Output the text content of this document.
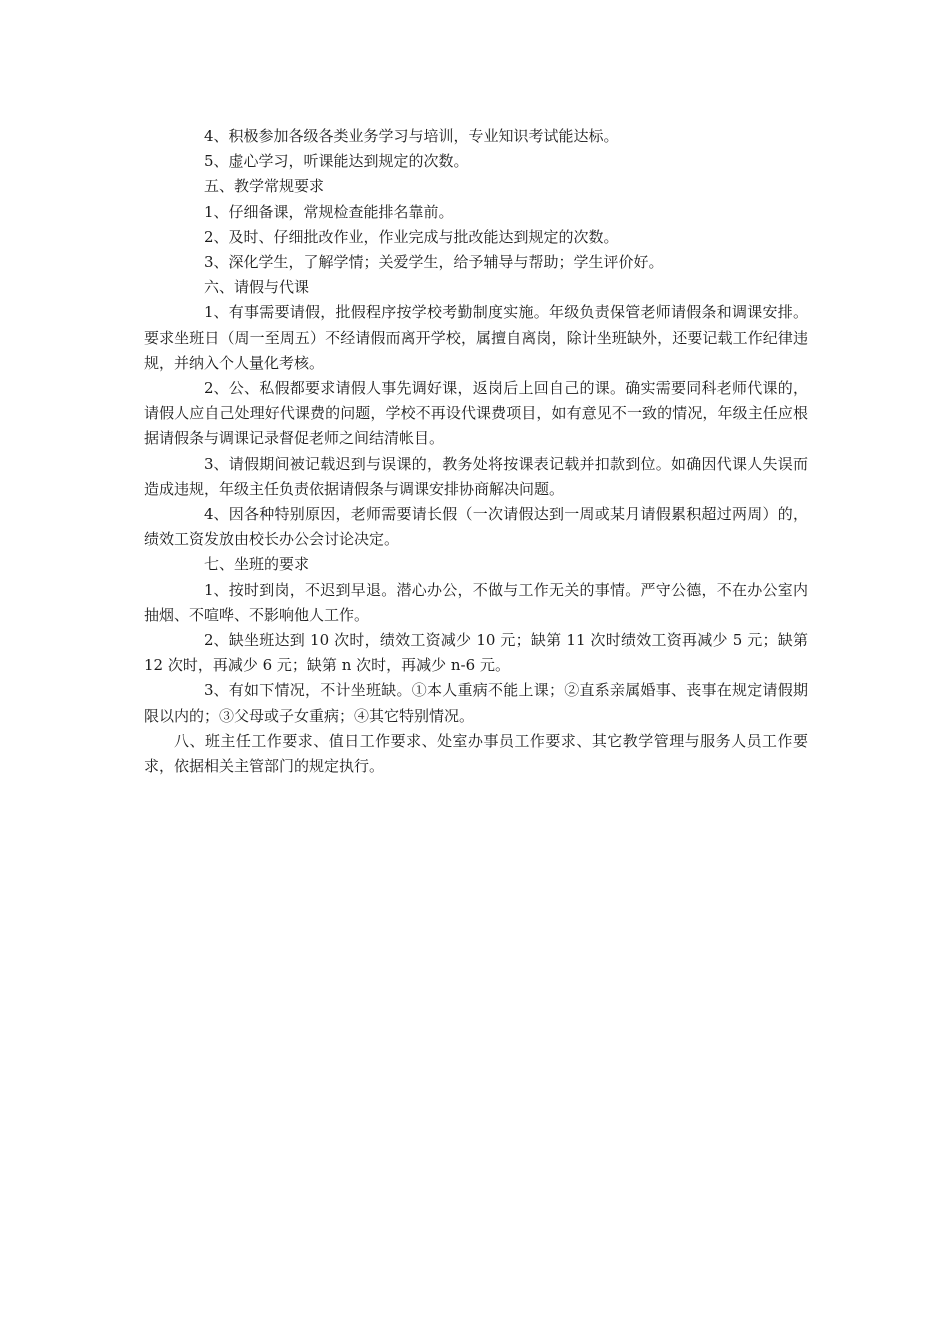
4、积极参加各级各类业务学习与培训，专业知识考试能达标。

5、虚心学习，听课能达到规定的次数。

五、教学常规要求

1、仔细备课，常规检查能排名靠前。

2、及时、仔细批改作业，作业完成与批改能达到规定的次数。

3、深化学生，了解学情；关爱学生，给予辅导与帮助；学生评价好。

六、请假与代课

1、有事需要请假，批假程序按学校考勤制度实施。年级负责保管老师请假条和调课安排。要求坐班日（周一至周五）不经请假而离开学校，属擅自离岗，除计坐班缺外，还要记载工作纪律违规，并纳入个人量化考核。

2、公、私假都要求请假人事先调好课，返岗后上回自己的课。确实需要同科老师代课的，请假人应自己处理好代课费的问题，学校不再设代课费项目，如有意见不一致的情况，年级主任应根据请假条与调课记录督促老师之间结清帐目。

3、请假期间被记载迟到与误课的，教务处将按课表记载并扣款到位。如确因代课人失误而造成违规，年级主任负责依据请假条与调课安排协商解决问题。

4、因各种特别原因，老师需要请长假（一次请假达到一周或某月请假累积超过两周）的，绩效工资发放由校长办公会讨论决定。

七、坐班的要求

1、按时到岗，不迟到早退。潜心办公，不做与工作无关的事情。严守公德，不在办公室内抽烟、不喧哗、不影响他人工作。

2、缺坐班达到 10 次时，绩效工资减少 10 元；缺第 11 次时绩效工资再减少 5 元；缺第 12 次时，再减少 6 元；缺第 n 次时，再减少 n-6 元。

3、有如下情况，不计坐班缺。①本人重病不能上课；②直系亲属婚事、丧事在规定请假期限以内的；③父母或子女重病；④其它特别情况。

八、班主任工作要求、值日工作要求、处室办事员工作要求、其它教学管理与服务人员工作要求，依据相关主管部门的规定执行。
